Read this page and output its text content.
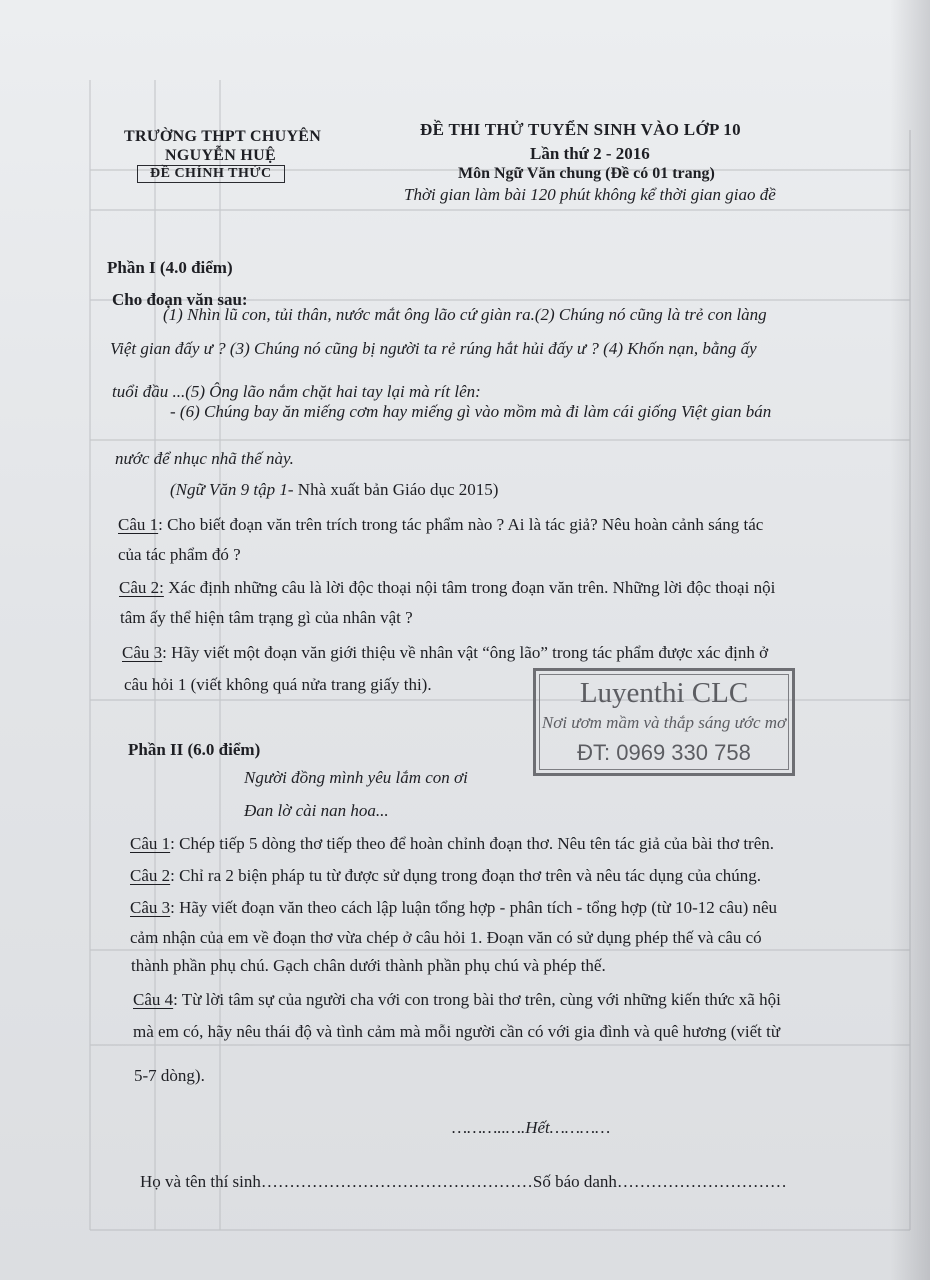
TRƯỜNG THPT CHUYÊN
NGUYỄN HUỆ
ĐỀ CHÍNH THỨC
ĐỀ THI THỬ TUYỂN SINH VÀO LỚP 10
Lần thứ 2 - 2016
Môn Ngữ Văn chung (Đề có 01 trang)
Thời gian làm bài 120 phút không kể thời gian giao đề
Phần I (4.0 điểm)
Cho đoạn văn sau:
(1) Nhìn lũ con, tủi thân, nước mắt ông lão cứ giàn ra.(2) Chúng nó cũng là trẻ con làng
Việt gian đấy ư ? (3) Chúng nó cũng bị người ta rẻ rúng hắt hủi đấy ư ? (4) Khốn nạn, bằng ấy
tuổi đầu ...(5) Ông lão nắm chặt hai tay lại mà rít lên:
- (6) Chúng bay ăn miếng cơm hay miếng gì vào mồm mà đi làm cái giống Việt gian bán
nước để nhục nhã thế này.
(Ngữ Văn 9 tập 1- Nhà xuất bản Giáo dục 2015)
Câu 1: Cho biết đoạn văn trên trích trong tác phẩm nào ? Ai là tác giả? Nêu hoàn cảnh sáng tác
của tác phẩm đó ?
Câu 2: Xác định những câu là lời độc thoại nội tâm trong đoạn văn trên. Những lời độc thoại nội
tâm ấy thể hiện tâm trạng gì của nhân vật ?
Câu 3: Hãy viết một đoạn văn giới thiệu về nhân vật “ông lão” trong tác phẩm được xác định ở
câu hỏi 1 (viết không quá nửa trang giấy thi).	Luyenthi CLC
Nơi ươm mầm và thắp sáng ước mơ
ĐT: 0969 330 758
Phần II (6.0 điểm)
Người đồng mình yêu lắm con ơi
Đan lờ cài nan hoa...
Câu 1: Chép tiếp 5 dòng thơ tiếp theo để hoàn chỉnh đoạn thơ. Nêu tên tác giả của bài thơ trên.
Câu 2: Chỉ ra 2 biện pháp tu từ được sử dụng trong đoạn thơ trên và nêu tác dụng của chúng.
Câu 3: Hãy viết đoạn văn theo cách lập luận tổng hợp - phân tích - tổng hợp (từ 10-12 câu) nêu
cảm nhận của em về đoạn thơ vừa chép ở câu hỏi 1. Đoạn văn có sử dụng phép thế và câu có
thành phần phụ chú. Gạch chân dưới thành phần phụ chú và phép thế.
Câu 4: Từ lời tâm sự của người cha với con trong bài thơ trên, cùng với những kiến thức xã hội
mà em có, hãy nêu thái độ và tình cảm mà mỗi người cần có với gia đình và quê hương (viết từ
5-7 dòng).
………..….Hết…………
Họ và tên thí sinh…………………………………………Số báo danh…………………………
